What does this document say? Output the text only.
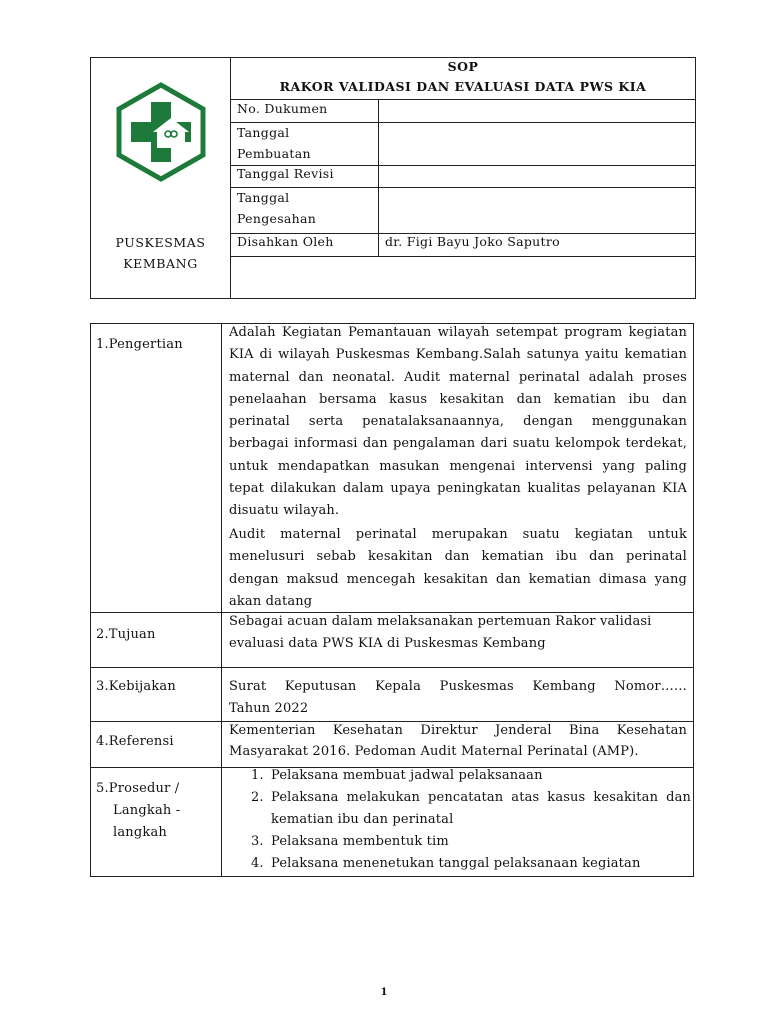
PUSKESMAS
KEMBANG
SOP
RAKOR VALIDASI DAN EVALUASI DATA PWS KIA
No. Dukumen
Tanggal
Pembuatan
Tanggal Revisi
Tanggal
Pengesahan
Disahkan Oleh	dr. Figi Bayu Joko Saputro
1.Pengertian
Adalah Kegiatan Pemantauan wilayah setempat program kegiatan KIA di wilayah Puskesmas Kembang.Salah satunya yaitu kematian maternal dan neonatal. Audit maternal perinatal adalah proses penelaahan bersama kasus kesakitan dan kematian ibu dan perinatal serta penatalaksanaannya, dengan menggunakan berbagai informasi dan pengalaman dari suatu kelompok terdekat, untuk mendapatkan masukan mengenai intervensi yang paling tepat dilakukan dalam upaya peningkatan kualitas pelayanan KIA disuatu wilayah.
Audit maternal perinatal merupakan suatu kegiatan untuk menelusuri sebab kesakitan dan kematian ibu dan perinatal dengan maksud mencegah kesakitan dan kematian dimasa yang akan datang
2.Tujuan
Sebagai acuan dalam melaksanakan pertemuan Rakor validasi evaluasi data PWS KIA di Puskesmas Kembang
3.Kebijakan	Surat Keputusan Kepala Puskesmas Kembang Nomor……
Tahun 2022
4.Referensi
Kementerian Kesehatan Direktur Jenderal Bina Kesehatan Masyarakat 2016. Pedoman Audit Maternal Perinatal (AMP).
5.Prosedur /
Langkah -
langkah
1. Pelaksana membuat jadwal pelaksanaan
2. Pelaksana melakukan pencatatan atas kasus kesakitan dan kematian ibu dan perinatal
3. Pelaksana membentuk tim
4. Pelaksana menenetukan tanggal pelaksanaan kegiatan
1
